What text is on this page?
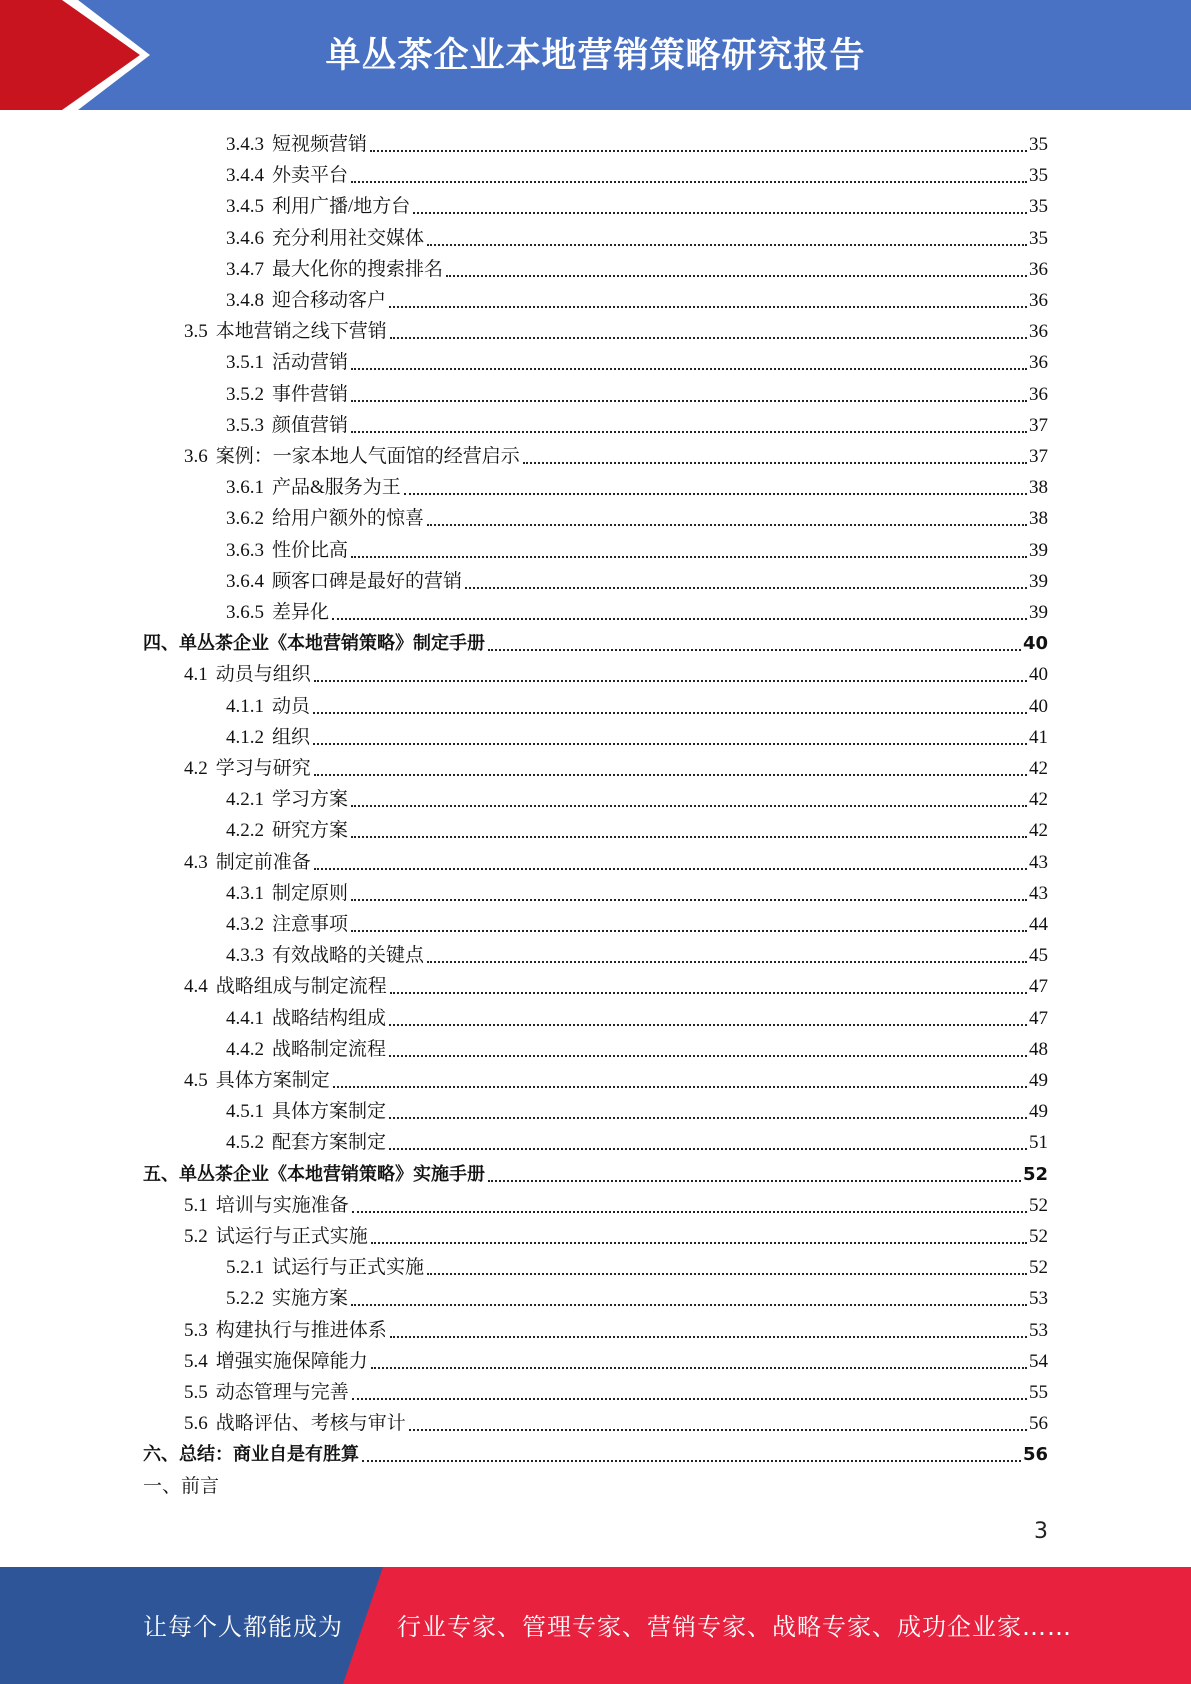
单丛茶企业本地营销策略研究报告
3.4.3 短视频营销	35
3.4.4 外卖平台	35
3.4.5 利用广播/地方台	35
3.4.6 充分利用社交媒体	35
3.4.7 最大化你的搜索排名	36
3.4.8 迎合移动客户	36
3.5 本地营销之线下营销	36
3.5.1 活动营销	36
3.5.2 事件营销	36
3.5.3 颜值营销	37
3.6 案例：一家本地人气面馆的经营启示	37
3.6.1 产品&服务为王	38
3.6.2 给用户额外的惊喜	38
3.6.3 性价比高	39
3.6.4 顾客口碑是最好的营销	39
3.6.5 差异化	39
四、单丛茶企业《本地营销策略》制定手册	40
4.1 动员与组织	40
4.1.1 动员	40
4.1.2 组织	41
4.2 学习与研究	42
4.2.1 学习方案	42
4.2.2 研究方案	42
4.3 制定前准备	43
4.3.1 制定原则	43
4.3.2 注意事项	44
4.3.3 有效战略的关键点	45
4.4 战略组成与制定流程	47
4.4.1 战略结构组成	47
4.4.2 战略制定流程	48
4.5 具体方案制定	49
4.5.1 具体方案制定	49
4.5.2 配套方案制定	51
五、单丛茶企业《本地营销策略》实施手册	52
5.1 培训与实施准备	52
5.2 试运行与正式实施	52
5.2.1 试运行与正式实施	52
5.2.2 实施方案	53
5.3 构建执行与推进体系	53
5.4 增强实施保障能力	54
5.5 动态管理与完善	55
5.6 战略评估、考核与审计	56
六、总结：商业自是有胜算	56
一、前言
3
让每个人都能成为 行业专家、管理专家、营销专家、战略专家、成功企业家……
